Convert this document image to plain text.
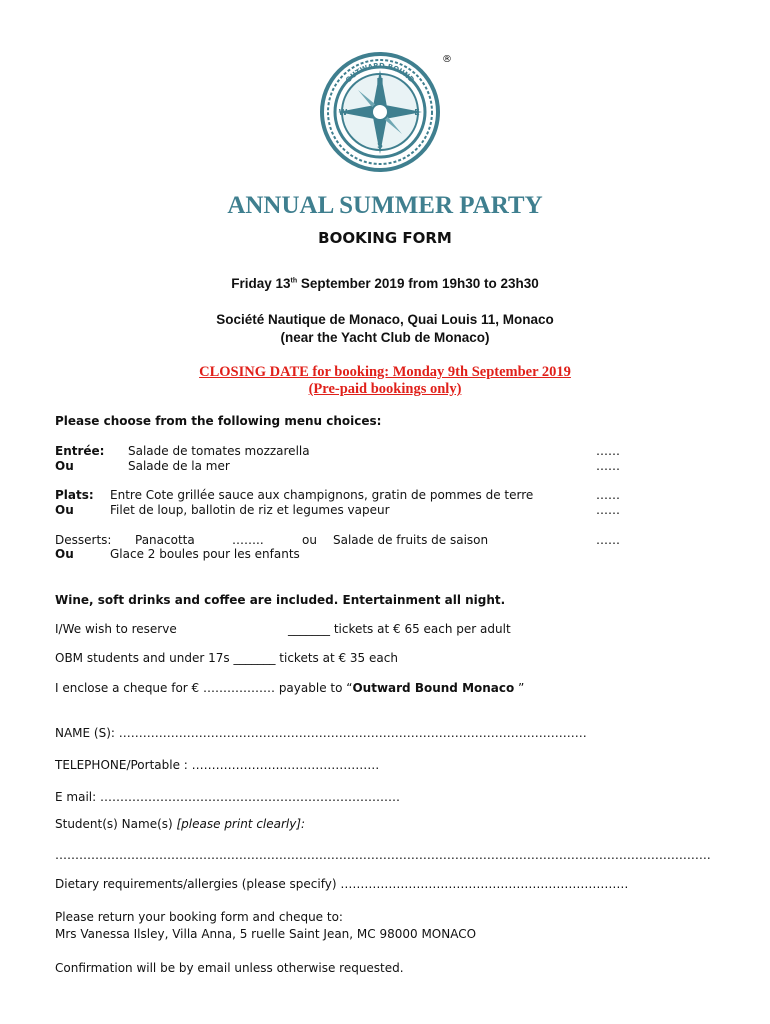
N
S
E
W
OUTWARD BOUND
®
ANNUAL SUMMER PARTY
BOOKING FORM
Friday 13th September 2019 from 19h30 to 23h30
Société Nautique de Monaco, Quai Louis 11, Monaco
(near the Yacht Club de Monaco)
CLOSING DATE for booking: Monday 9th September 2019
(Pre-paid bookings only)
Please choose from the following menu choices:
Entrée: Salade de tomates mozzarella	……
Ou	Salade de la mer	……
Plats: Entre Cote grillée sauce aux champignons, gratin de pommes de terre	……
Ou	Filet de loup, ballotin de riz et legumes vapeur	……
Desserts: Panacotta	……..	ou Salade de fruits de saison	……
Ou	Glace 2 boules pour les enfants
Wine, soft drinks and coffee are included. Entertainment all night.
I/We wish to reserve	_______ tickets at € 65 each per adult
OBM students and under 17s _______ tickets at € 35 each
I enclose a cheque for € ……………… payable to “Outward Bound Monaco ”
NAME (S): ………………………………………………………………………………………………………
TELEPHONE/Portable : …………………..……………………
E mail: …………………………………………………………………
Student(s) Name(s) [please print clearly]:
…………………………………….………………………………………………………………………………………………………….
Dietary requirements/allergies (please specify) ………………………………………………………………
Please return your booking form and cheque to:
Mrs Vanessa Ilsley, Villa Anna, 5 ruelle Saint Jean, MC 98000 MONACO
Confirmation will be by email unless otherwise requested.
